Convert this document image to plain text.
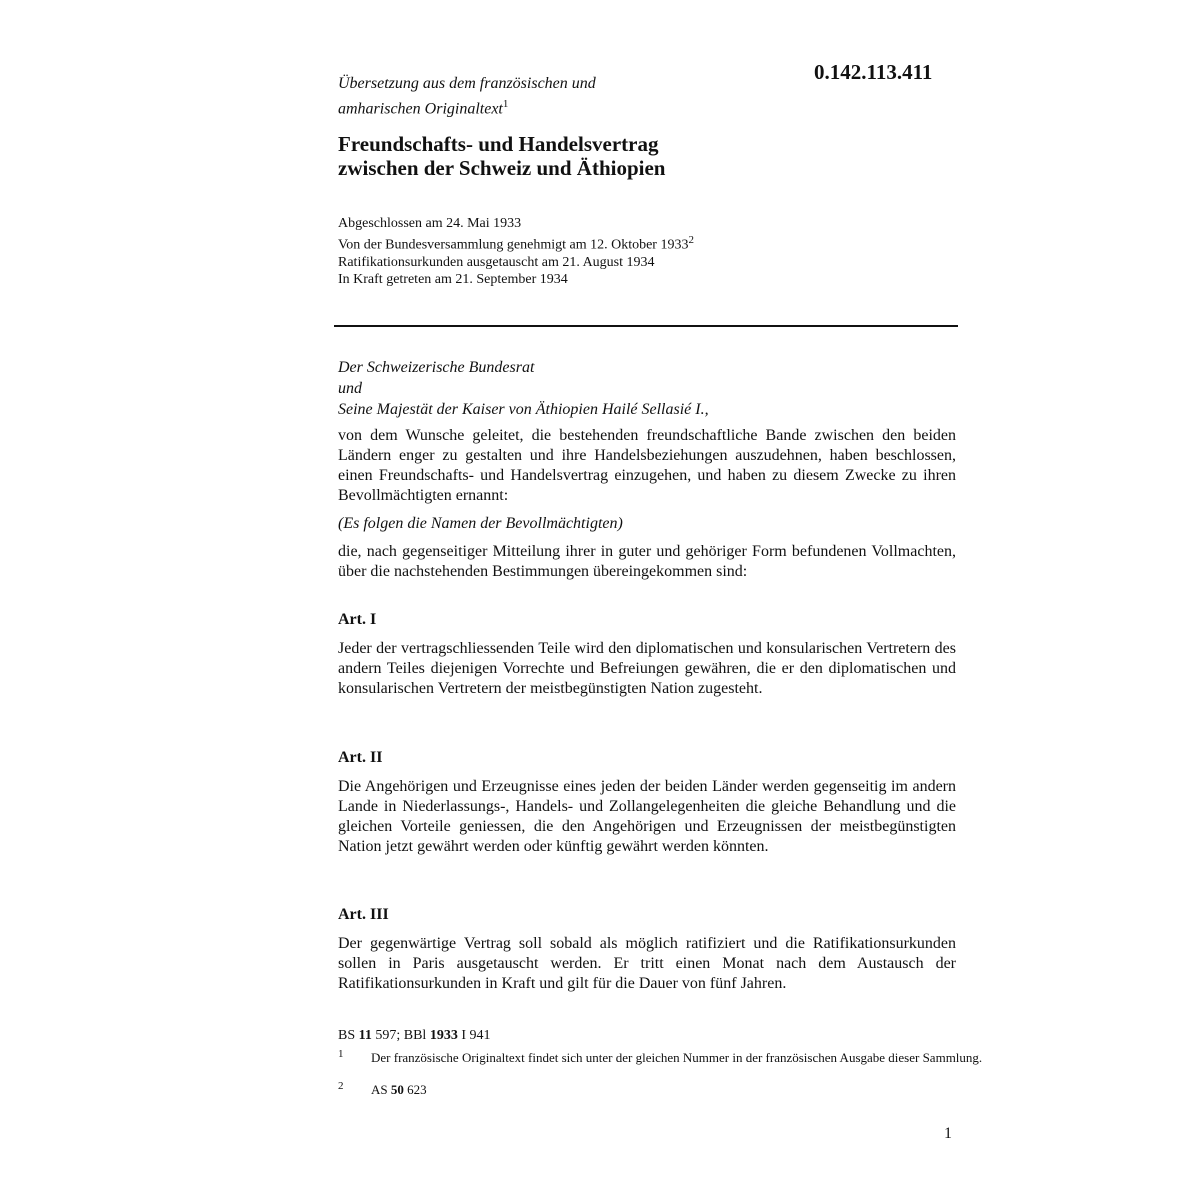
0.142.113.411
Übersetzung aus dem französischen und
amharischen Originaltext$^1$
Freundschafts- und Handelsvertrag
zwischen der Schweiz und Äthiopien
Abgeschlossen am 24. Mai 1933
Von der Bundesversammlung genehmigt am 12. Oktober 1933$^2$
Ratifikationsurkunden ausgetauscht am 21. August 1934
In Kraft getreten am 21. September 1934
Der Schweizerische Bundesrat
und
Seine Majestät der Kaiser von Äthiopien Hailé Sellasié I.,
von dem Wunsche geleitet, die bestehenden freundschaftliche Bande zwischen den beiden Ländern enger zu gestalten und ihre Handelsbeziehungen auszudehnen, haben beschlossen, einen Freundschafts- und Handelsvertrag einzugehen, und haben zu diesem Zwecke zu ihren Bevollmächtigten ernannt:
(Es folgen die Namen der Bevollmächtigten)
die, nach gegenseitiger Mitteilung ihrer in guter und gehöriger Form befundenen Vollmachten, über die nachstehenden Bestimmungen übereingekommen sind:
Art. I
Jeder der vertragschliessenden Teile wird den diplomatischen und konsularischen Vertretern des andern Teiles diejenigen Vorrechte und Befreiungen gewähren, die er den diplomatischen und konsularischen Vertretern der meistbegünstigten Nation zugesteht.
Art. II
Die Angehörigen und Erzeugnisse eines jeden der beiden Länder werden gegenseitig im andern Lande in Niederlassungs-, Handels- und Zollangelegenheiten die gleiche Behandlung und die gleichen Vorteile geniessen, die den Angehörigen und Erzeugnissen der meistbegünstigten Nation jetzt gewährt werden oder künftig gewährt werden könnten.
Art. III
Der gegenwärtige Vertrag soll sobald als möglich ratifiziert und die Ratifikationsurkunden sollen in Paris ausgetauscht werden. Er tritt einen Monat nach dem Austausch der Ratifikationsurkunden in Kraft und gilt für die Dauer von fünf Jahren.
BS 11 597; BBl 1933 I 941
1 Der französische Originaltext findet sich unter der gleichen Nummer in der französischen Ausgabe dieser Sammlung.
2 AS 50 623
1
